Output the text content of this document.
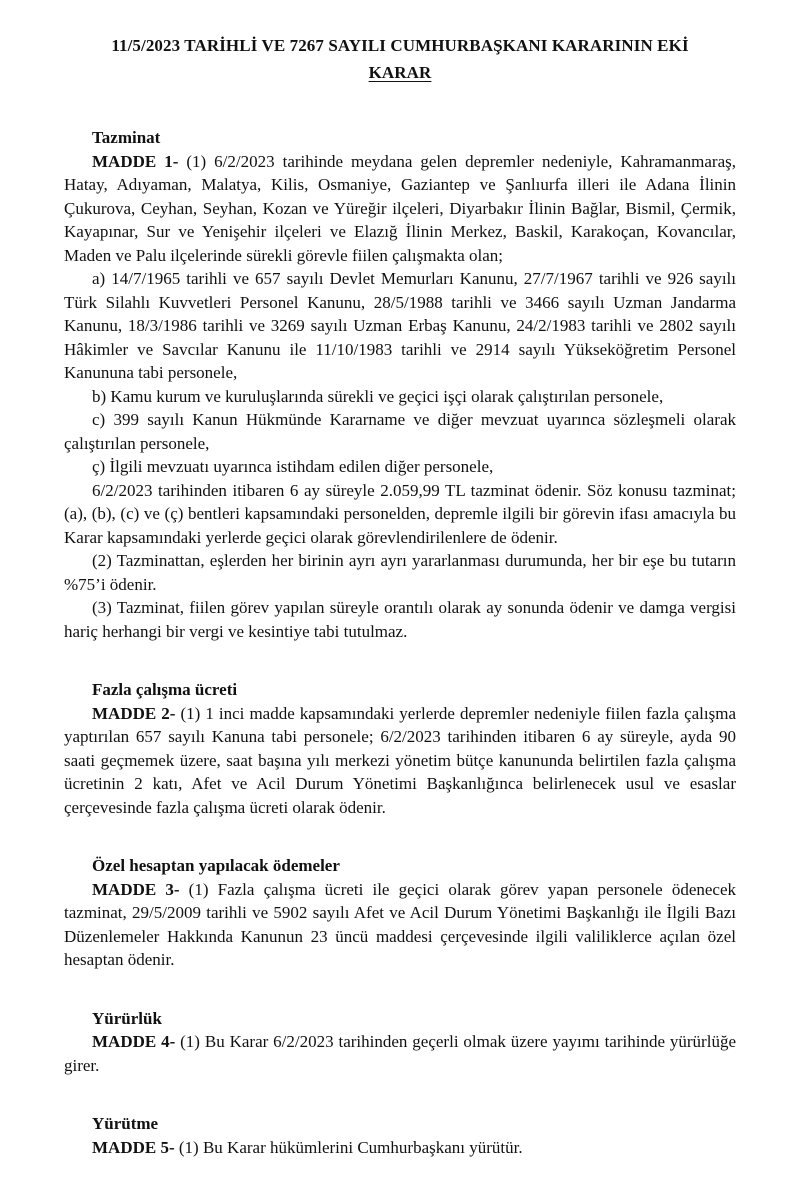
11/5/2023 TARİHLİ VE 7267 SAYILI CUMHURBAŞKANI KARARININ EKİ
KARAR
Tazminat

MADDE 1- (1) 6/2/2023 tarihinde meydana gelen depremler nedeniyle, Kahramanmaraş, Hatay, Adıyaman, Malatya, Kilis, Osmaniye, Gaziantep ve Şanlıurfa illeri ile Adana İlinin Çukurova, Ceyhan, Seyhan, Kozan ve Yüreğir ilçeleri, Diyarbakır İlinin Bağlar, Bismil, Çermik, Kayapınar, Sur ve Yenişehir ilçeleri ve Elazığ İlinin Merkez, Baskil, Karakoçan, Kovancılar, Maden ve Palu ilçelerinde sürekli görevle fiilen çalışmakta olan;

a) 14/7/1965 tarihli ve 657 sayılı Devlet Memurları Kanunu, 27/7/1967 tarihli ve 926 sayılı Türk Silahlı Kuvvetleri Personel Kanunu, 28/5/1988 tarihli ve 3466 sayılı Uzman Jandarma Kanunu, 18/3/1986 tarihli ve 3269 sayılı Uzman Erbaş Kanunu, 24/2/1983 tarihli ve 2802 sayılı Hâkimler ve Savcılar Kanunu ile 11/10/1983 tarihli ve 2914 sayılı Yükseköğretim Personel Kanununa tabi personele,

b) Kamu kurum ve kuruluşlarında sürekli ve geçici işçi olarak çalıştırılan personele,

c) 399 sayılı Kanun Hükmünde Kararname ve diğer mevzuat uyarınca sözleşmeli olarak çalıştırılan personele,

ç) İlgili mevzuatı uyarınca istihdam edilen diğer personele,

6/2/2023 tarihinden itibaren 6 ay süreyle 2.059,99 TL tazminat ödenir. Söz konusu tazminat; (a), (b), (c) ve (ç) bentleri kapsamındaki personelden, depremle ilgili bir görevin ifası amacıyla bu Karar kapsamındaki yerlerde geçici olarak görevlendirilenlere de ödenir.

(2) Tazminattan, eşlerden her birinin ayrı ayrı yararlanması durumunda, her bir eşe bu tutarın %75’i ödenir.

(3) Tazminat, fiilen görev yapılan süreyle orantılı olarak ay sonunda ödenir ve damga vergisi hariç herhangi bir vergi ve kesintiye tabi tutulmaz.

Fazla çalışma ücreti

MADDE 2- (1) 1 inci madde kapsamındaki yerlerde depremler nedeniyle fiilen fazla çalışma yaptırılan 657 sayılı Kanuna tabi personele; 6/2/2023 tarihinden itibaren 6 ay süreyle, ayda 90 saati geçmemek üzere, saat başına yılı merkezi yönetim bütçe kanununda belirtilen fazla çalışma ücretinin 2 katı, Afet ve Acil Durum Yönetimi Başkanlığınca belirlenecek usul ve esaslar çerçevesinde fazla çalışma ücreti olarak ödenir.

Özel hesaptan yapılacak ödemeler

MADDE 3- (1) Fazla çalışma ücreti ile geçici olarak görev yapan personele ödenecek tazminat, 29/5/2009 tarihli ve 5902 sayılı Afet ve Acil Durum Yönetimi Başkanlığı ile İlgili Bazı Düzenlemeler Hakkında Kanunun 23 üncü maddesi çerçevesinde ilgili valiliklerce açılan özel hesaptan ödenir.

Yürürlük

MADDE 4- (1) Bu Karar 6/2/2023 tarihinden geçerli olmak üzere yayımı tarihinde yürürlüğe girer.

Yürütme

MADDE 5- (1) Bu Karar hükümlerini Cumhurbaşkanı yürütür.
